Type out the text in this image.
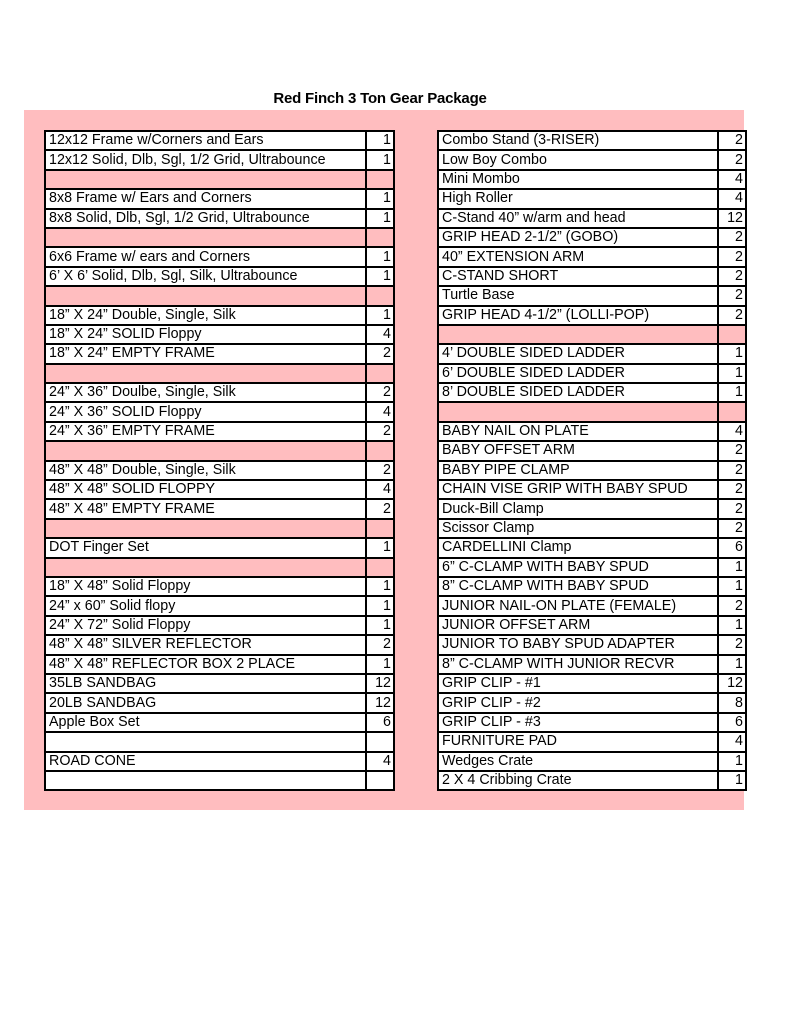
Red Finch 3 Ton Gear Package
12x12 Frame w/Corners and Ears	1		Combo Stand (3-RISER)	2
12x12 Solid, Dlb, Sgl, 1/2 Grid, Ultrabounce	1		Low Boy Combo	2
			Mini Mombo	4
8x8 Frame w/ Ears and Corners	1		High Roller	4
8x8 Solid, Dlb, Sgl, 1/2 Grid, Ultrabounce	1		C-Stand 40” w/arm and head	12
			GRIP HEAD 2-1/2” (GOBO)	2
6x6 Frame w/ ears and Corners	1		40” EXTENSION ARM	2
6’ X 6’ Solid, Dlb, Sgl, Silk, Ultrabounce	1		C-STAND SHORT	2
			Turtle Base	2
18” X 24” Double, Single, Silk	1		GRIP HEAD 4-1/2” (LOLLI-POP)	2
18” X 24” SOLID Floppy	4			
18” X 24” EMPTY FRAME	2		4’ DOUBLE SIDED LADDER	1
			6’ DOUBLE SIDED LADDER	1
24” X 36” Doulbe, Single, Silk	2		8’ DOUBLE SIDED LADDER	1
24” X 36” SOLID Floppy	4			
24” X 36” EMPTY FRAME	2		BABY NAIL ON PLATE	4
			BABY OFFSET ARM	2
48” X 48” Double, Single, Silk	2		BABY PIPE CLAMP	2
48” X 48” SOLID FLOPPY	4		CHAIN VISE GRIP WITH BABY SPUD	2
48” X 48” EMPTY FRAME	2		Duck-Bill Clamp	2
			Scissor Clamp	2
DOT Finger Set	1		CARDELLINI Clamp	6
			6” C-CLAMP WITH BABY SPUD	1
18” X 48” Solid Floppy	1		8” C-CLAMP WITH BABY SPUD	1
24” x 60” Solid flopy	1		JUNIOR NAIL-ON PLATE (FEMALE)	2
24” X 72” Solid Floppy	1		JUNIOR OFFSET ARM	1
48” X 48” SILVER REFLECTOR	2		JUNIOR TO BABY SPUD ADAPTER	2
48” X 48” REFLECTOR BOX 2 PLACE	1		8” C-CLAMP WITH JUNIOR RECVR	1
35LB SANDBAG	12		GRIP CLIP - #1	12
20LB SANDBAG	12		GRIP CLIP - #2	8
Apple Box Set	6		GRIP CLIP - #3	6
			FURNITURE PAD	4
ROAD CONE	4		Wedges Crate	1
			2 X 4 Cribbing Crate	1
